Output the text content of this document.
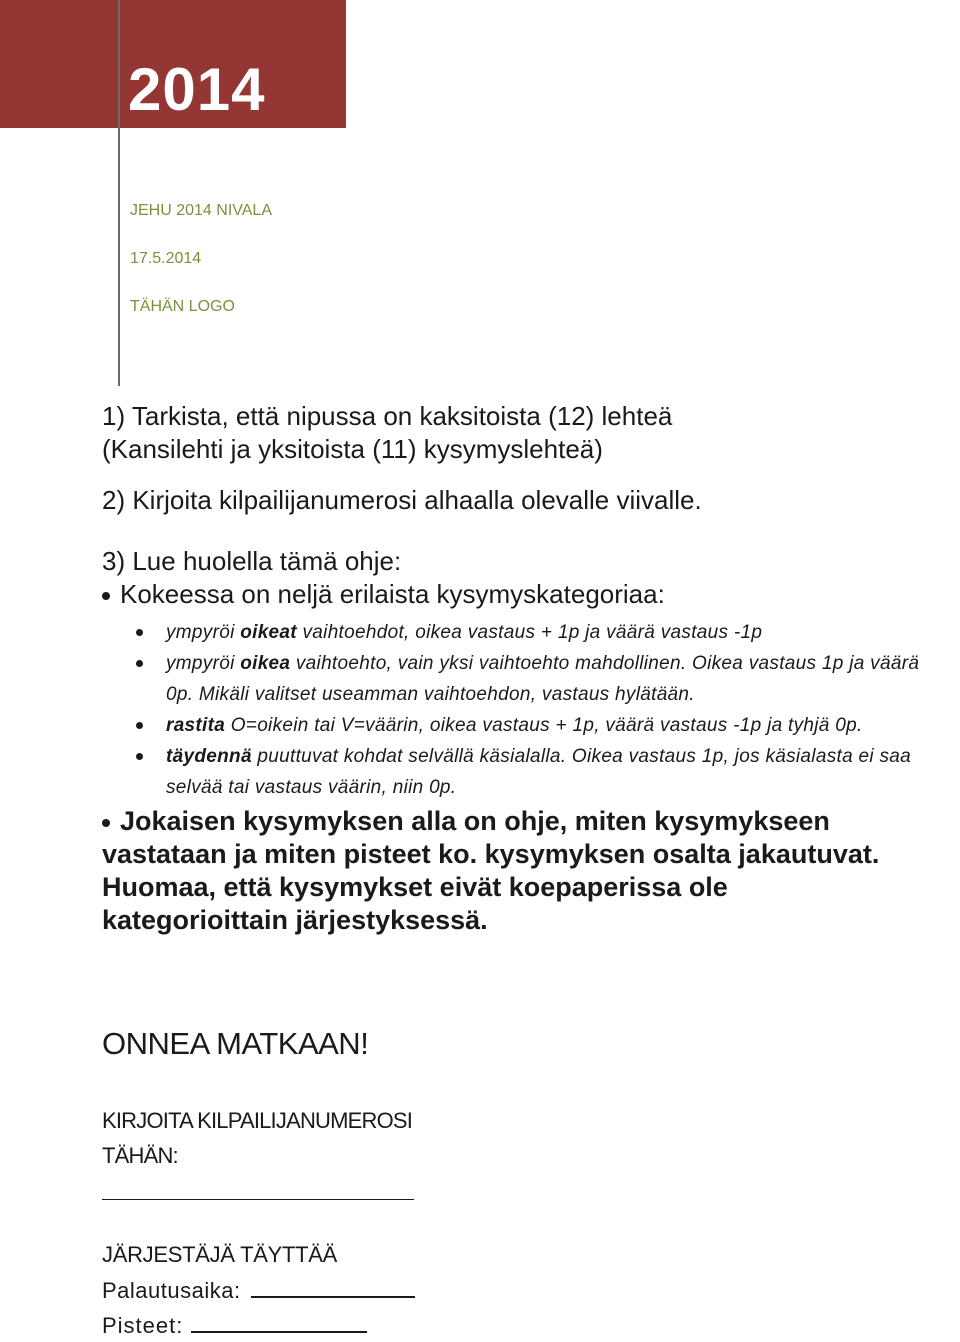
2014
JEHU 2014 NIVALA
17.5.2014
TÄHÄN LOGO

1) Tarkista, että nipussa on kaksitoista (12) lehteä

(Kansilehti ja yksitoista (11) kysymyslehteä)

2) Kirjoita kilpailijanumerosi alhaalla olevalle viivalle.

3) Lue huolella tämä ohje:

Kokeessa on neljä erilaista kysymyskategoriaa:

ympyröi oikeat vaihtoehdot, oikea vastaus + 1p ja väärä vastaus -1p
ympyröi oikea vaihtoehto, vain yksi vaihtoehto mahdollinen. Oikea vastaus 1p ja väärä 0p. Mikäli valitset useamman vaihtoehdon, vastaus hylätään.
rastita O=oikein tai V=väärin, oikea vastaus + 1p, väärä vastaus -1p ja tyhjä 0p.
täydennä puuttuvat kohdat selvällä käsialalla. Oikea vastaus 1p, jos käsialasta ei saa selvää tai vastaus väärin, niin 0p.

Jokaisen kysymyksen alla on ohje, miten kysymykseen

vastataan ja miten pisteet ko. kysymyksen osalta jakautuvat.

Huomaa, että kysymykset eivät koepaperissa ole

kategorioittain järjestyksessä.

ONNEA MATKAAN!
KIRJOITA KILPAILIJANUMEROSI
TÄHÄN:
JÄRJESTÄJÄ TÄYTTÄÄ
Palautusaika:
Pisteet:
